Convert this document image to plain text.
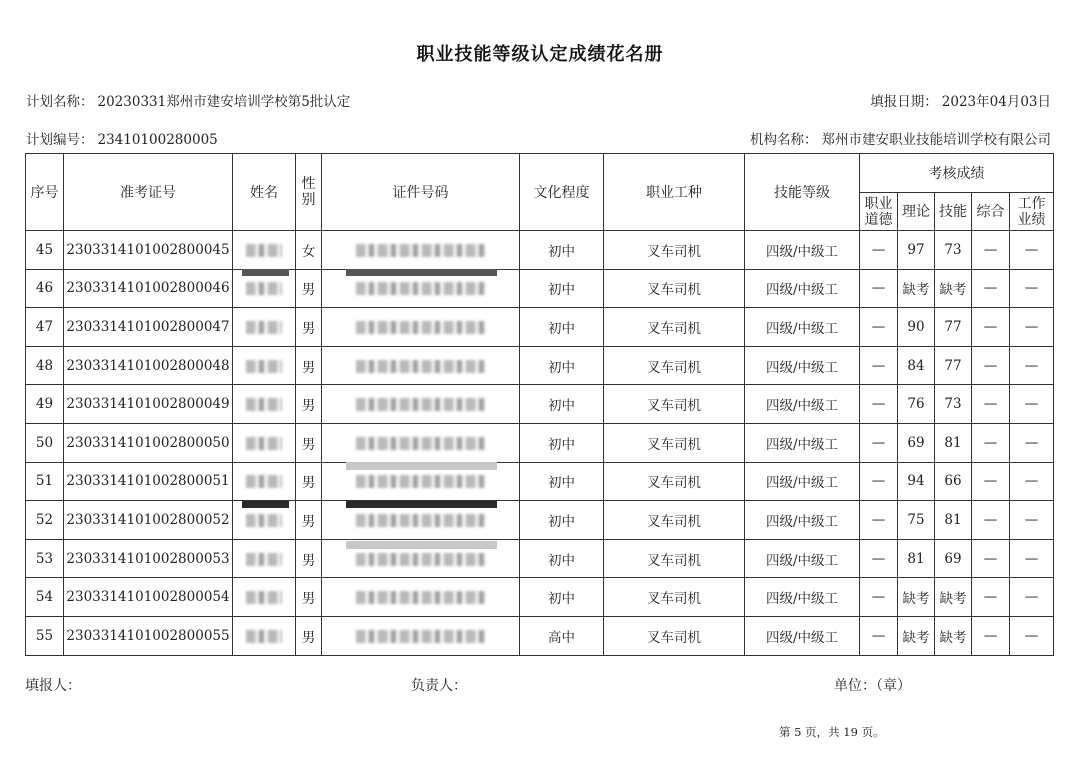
职业技能等级认定成绩花名册
计划名称： 20230331郑州市建安培训学校第5批认定	填报日期： 2023年04月03日
计划编号： 23410100280005	机构名称： 郑州市建安职业技能培训学校有限公司
序号	准考证号	姓名	性别	证件号码	文化程度	职业工种	技能等级	考核成绩				
								职业道德	理论	技能	综合	工作业绩
45	2303314101002800045		女		初中	叉车司机	四级/中级工	—	97	73	—	—
46	2303314101002800046		男		初中	叉车司机	四级/中级工	—	缺考	缺考	—	—
47	2303314101002800047		男		初中	叉车司机	四级/中级工	—	90	77	—	—
48	2303314101002800048		男		初中	叉车司机	四级/中级工	—	84	77	—	—
49	2303314101002800049		男		初中	叉车司机	四级/中级工	—	76	73	—	—
50	2303314101002800050		男		初中	叉车司机	四级/中级工	—	69	81	—	—
51	2303314101002800051		男		初中	叉车司机	四级/中级工	—	94	66	—	—
52	2303314101002800052		男		初中	叉车司机	四级/中级工	—	75	81	—	—
53	2303314101002800053		男		初中	叉车司机	四级/中级工	—	81	69	—	—
54	2303314101002800054		男		初中	叉车司机	四级/中级工	—	缺考	缺考	—	—
55	2303314101002800055		男		高中	叉车司机	四级/中级工	—	缺考	缺考	—	—
填报人：	负责人：	单位：（章）
第 5 页，共 19 页。
